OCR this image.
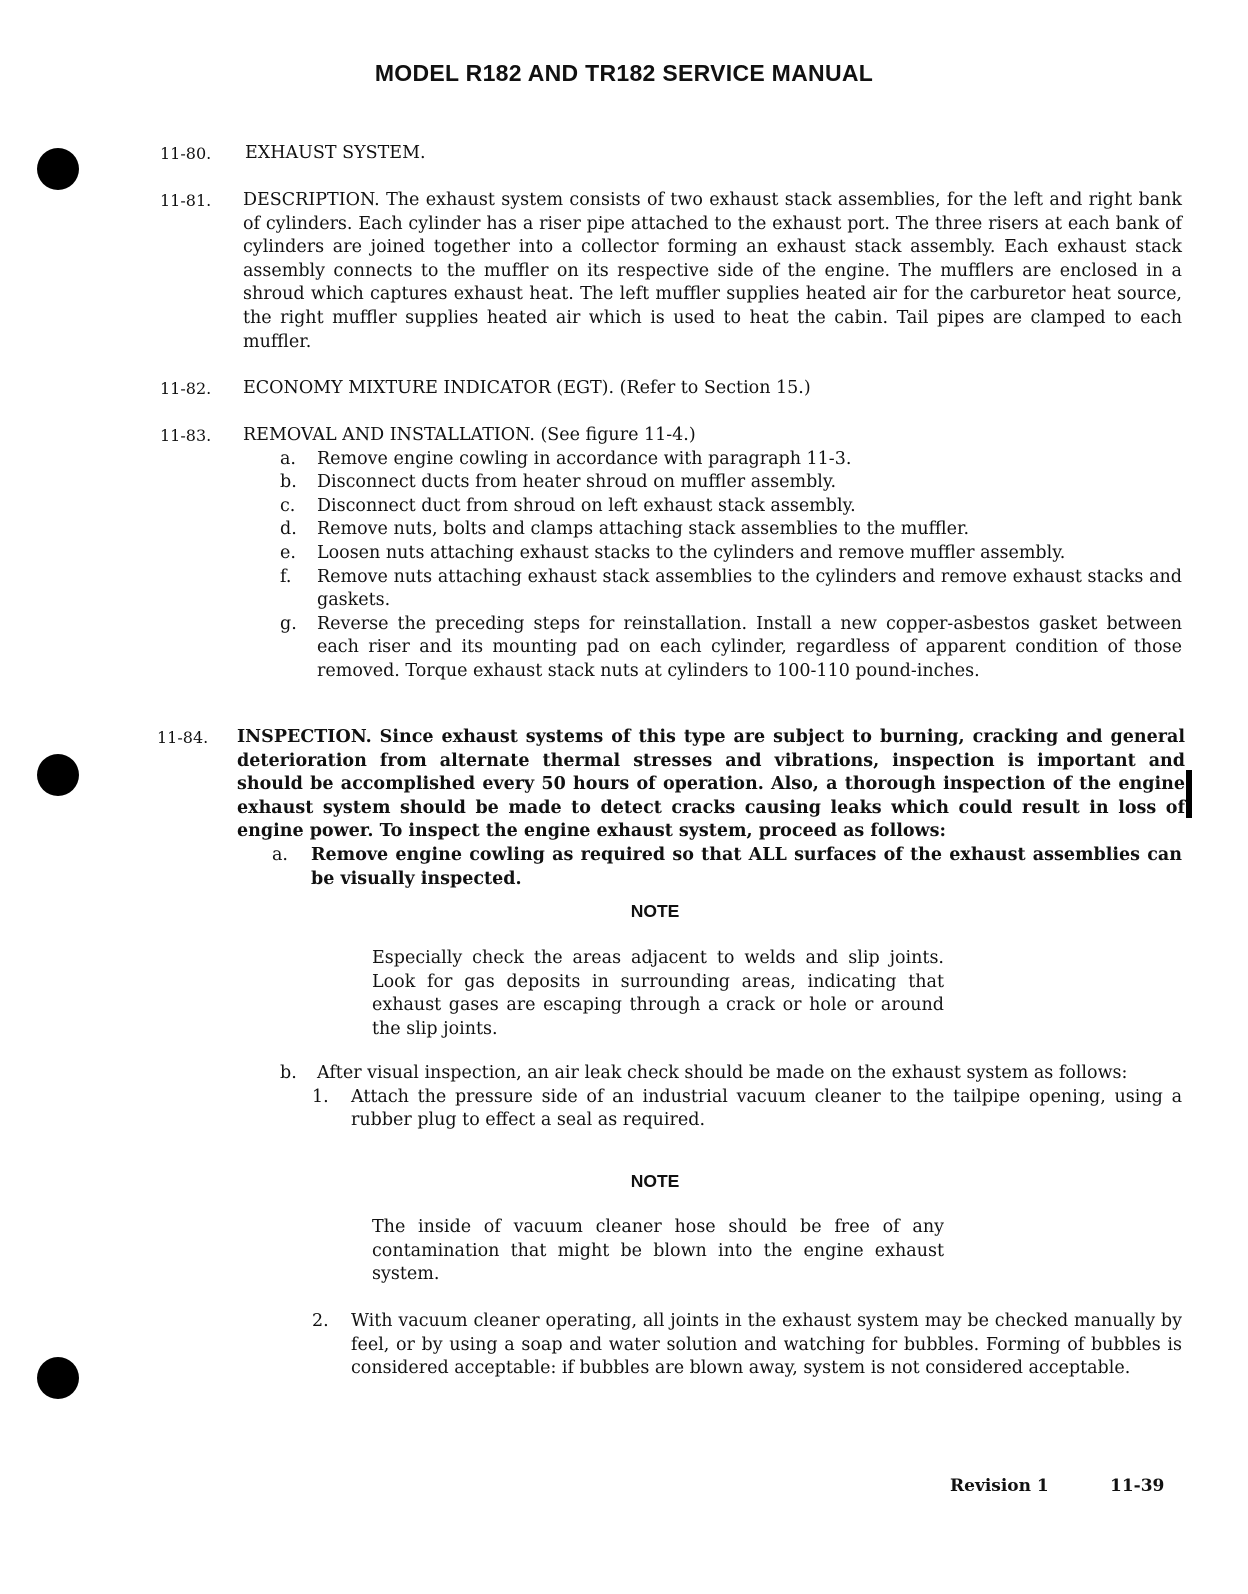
MODEL R182 AND TR182 SERVICE MANUAL
11-80. EXHAUST SYSTEM.
11-81. DESCRIPTION. The exhaust system consists of two exhaust stack assemblies, for the left and right bank of cylinders. Each cylinder has a riser pipe attached to the exhaust port. The three risers at each bank of cylinders are joined together into a collector forming an exhaust stack assembly. Each exhaust stack assembly connects to the muffler on its respective side of the engine. The mufflers are enclosed in a shroud which captures exhaust heat. The left muffler supplies heated air for the carburetor heat source, the right muffler supplies heated air which is used to heat the cabin. Tail pipes are clamped to each muffler.
11-82. ECONOMY MIXTURE INDICATOR (EGT). (Refer to Section 15.)
11-83. REMOVAL AND INSTALLATION. (See figure 11-4.)
a. Remove engine cowling in accordance with paragraph 11-3.
b. Disconnect ducts from heater shroud on muffler assembly.
c. Disconnect duct from shroud on left exhaust stack assembly.
d. Remove nuts, bolts and clamps attaching stack assemblies to the muffler.
e. Loosen nuts attaching exhaust stacks to the cylinders and remove muffler assembly.
f. Remove nuts attaching exhaust stack assemblies to the cylinders and remove exhaust stacks and gaskets.
g. Reverse the preceding steps for reinstallation. Install a new copper-asbestos gasket between each riser and its mounting pad on each cylinder, regardless of apparent condition of those removed. Torque exhaust stack nuts at cylinders to 100-110 pound-inches.
11-84. INSPECTION. Since exhaust systems of this type are subject to burning, cracking and general deterioration from alternate thermal stresses and vibrations, inspection is important and should be accomplished every 50 hours of operation. Also, a thorough inspection of the engine exhaust system should be made to detect cracks causing leaks which could result in loss of engine power. To inspect the engine exhaust system, proceed as follows:
a. Remove engine cowling as required so that ALL surfaces of the exhaust assemblies can be visually inspected.
NOTE
Especially check the areas adjacent to welds and slip joints. Look for gas deposits in surrounding areas, indicating that exhaust gases are escaping through a crack or hole or around the slip joints.
b. After visual inspection, an air leak check should be made on the exhaust system as follows:
1. Attach the pressure side of an industrial vacuum cleaner to the tailpipe opening, using a rubber plug to effect a seal as required.
NOTE
The inside of vacuum cleaner hose should be free of any contamination that might be blown into the engine exhaust system.
2. With vacuum cleaner operating, all joints in the exhaust system may be checked manually by feel, or by using a soap and water solution and watching for bubbles. Forming of bubbles is considered acceptable: if bubbles are blown away, system is not considered acceptable.
Revision 1	11-39
